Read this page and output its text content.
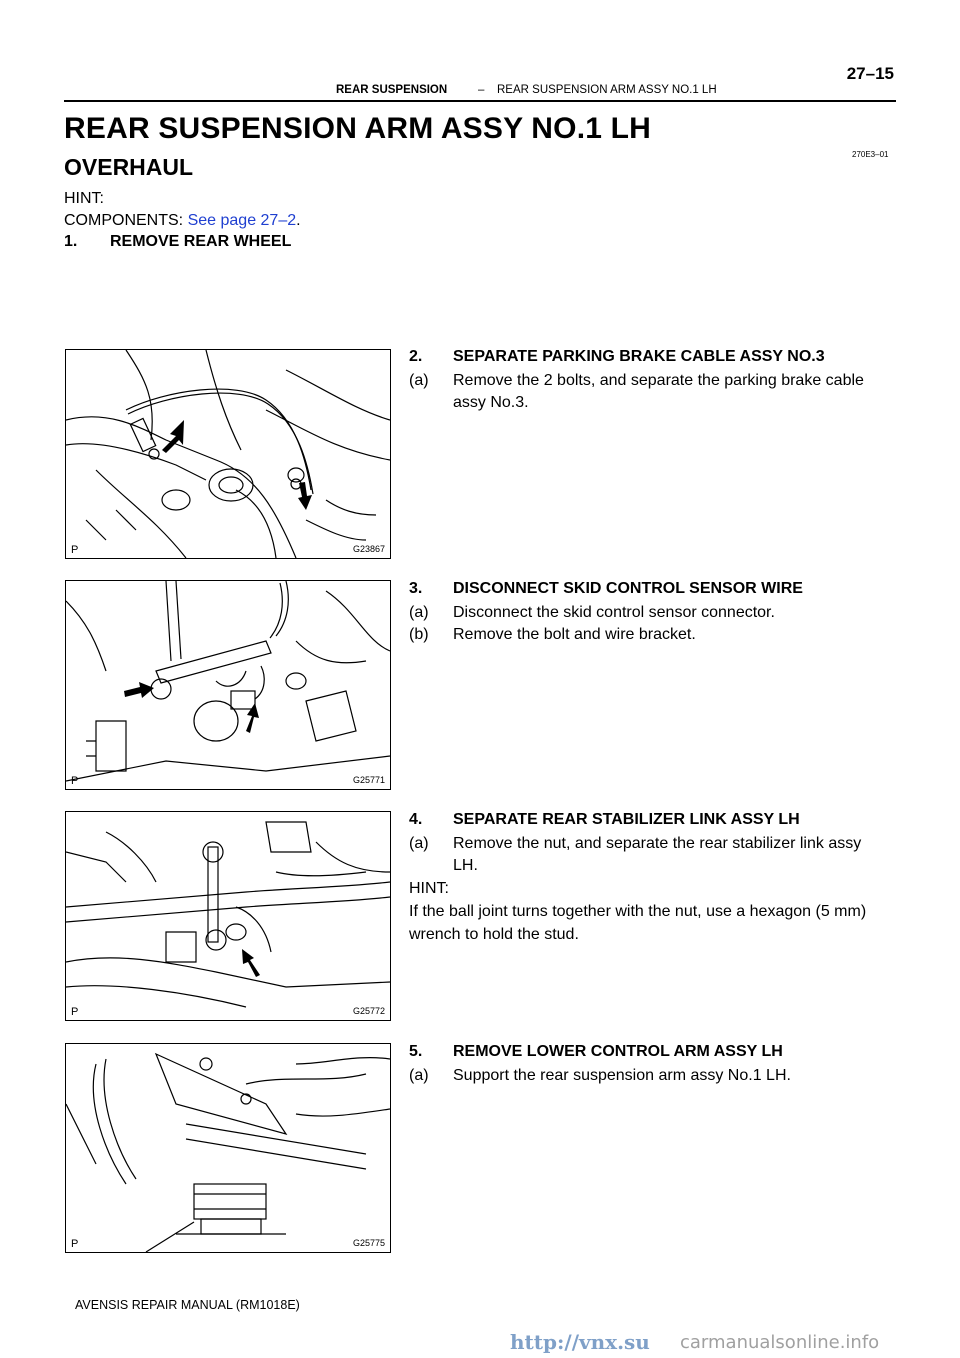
27–15
REAR SUSPENSION	– REAR SUSPENSION ARM ASSY NO.1 LH
REAR SUSPENSION ARM ASSY NO.1 LH
270E3–01
OVERHAUL
HINT:
COMPONENTS: See page 27–2.
1. REMOVE REAR WHEEL
2. SEPARATE PARKING BRAKE CABLE ASSY NO.3
(a) Remove the 2 bolts, and separate the parking brake cable
assy No.3.
3. DISCONNECT SKID CONTROL SENSOR WIRE
(a) Disconnect the skid control sensor connector.
(b) Remove the bolt and wire bracket.
4. SEPARATE REAR STABILIZER LINK ASSY LH
(a) Remove the nut, and separate the rear stabilizer link assy
LH.
HINT:
If the ball joint turns together with the nut, use a hexagon (5 mm)
wrench to hold the stud.
5. REMOVE LOWER CONTROL ARM ASSY LH
(a) Support the rear suspension arm assy No.1 LH.
P	G23867
P	G25771
P	G25772
P	G25775
AVENSIS REPAIR MANUAL (RM1018E)
http://vnx.su carmanualsonline.info
